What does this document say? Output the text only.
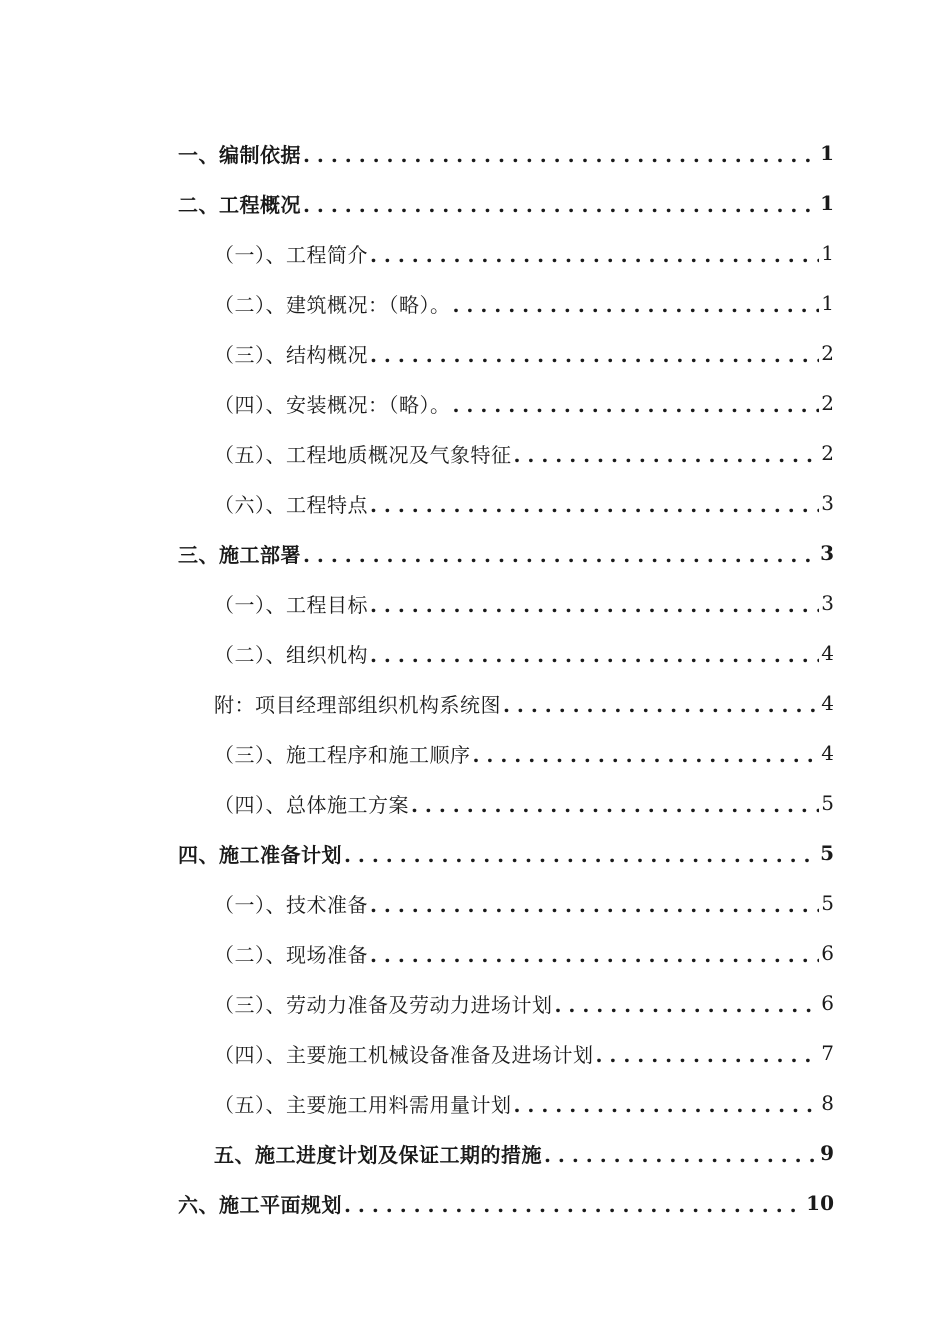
一、编制依据 . . .	1
二、工程概况 . . .	1
（一）、工程简介 . . .	1
（二）、建筑概况：（略）。 . . .	1
（三）、结构概况 . . .	2
（四）、安装概况：（略）。 . . .	2
（五）、工程地质概况及气象特征 . . .	2
（六）、工程特点 . . .	3
三、施工部署 . . .	3
（一）、工程目标 . . .	3
（二）、组织机构 . . .	4
附：项目经理部组织机构系统图 . . .	4
（三）、施工程序和施工顺序 . . .	4
（四）、总体施工方案 . . .	5
四、施工准备计划 . . .	5
（一）、技术准备 . . .	5
（二）、现场准备 . . .	6
（三）、劳动力准备及劳动力进场计划 . . .	6
（四）、主要施工机械设备准备及进场计划 . . .	7
（五）、主要施工用料需用量计划 . . .	8
五、施工进度计划及保证工期的措施 . . .	9
六、施工平面规划 . . .	10
